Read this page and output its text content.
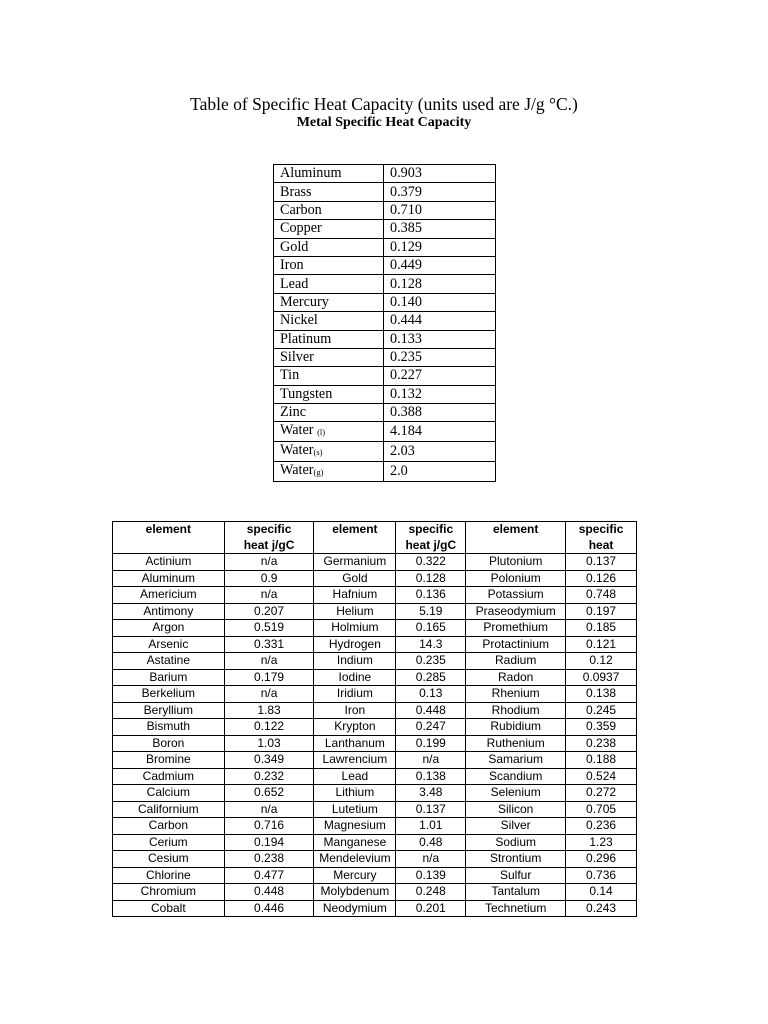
Table of Specific Heat Capacity (units used are J/g °C.)
Metal Specific Heat Capacity
Aluminum	0.903
Brass	0.379
Carbon	0.710
Copper	0.385
Gold	0.129
Iron	0.449
Lead	0.128
Mercury	0.140
Nickel	0.444
Platinum	0.133
Silver	0.235
Tin	0.227
Tungsten	0.132
Zinc	0.388
Water (l)	4.184
Water(s)	2.03
Water(g)	2.0
element	specific	element	specific	element	specific
	heat j/gC		heat j/gC		heat
Actinium	n/a	Germanium	0.322	Plutonium	0.137
Aluminum	0.9	Gold	0.128	Polonium	0.126
Americium	n/a	Hafnium	0.136	Potassium	0.748
Antimony	0.207	Helium	5.19	Praseodymium	0.197
Argon	0.519	Holmium	0.165	Promethium	0.185
Arsenic	0.331	Hydrogen	14.3	Protactinium	0.121
Astatine	n/a	Indium	0.235	Radium	0.12
Barium	0.179	Iodine	0.285	Radon	0.0937
Berkelium	n/a	Iridium	0.13	Rhenium	0.138
Beryllium	1.83	Iron	0.448	Rhodium	0.245
Bismuth	0.122	Krypton	0.247	Rubidium	0.359
Boron	1.03	Lanthanum	0.199	Ruthenium	0.238
Bromine	0.349	Lawrencium	n/a	Samarium	0.188
Cadmium	0.232	Lead	0.138	Scandium	0.524
Calcium	0.652	Lithium	3.48	Selenium	0.272
Californium	n/a	Lutetium	0.137	Silicon	0.705
Carbon	0.716	Magnesium	1.01	Silver	0.236
Cerium	0.194	Manganese	0.48	Sodium	1.23
Cesium	0.238	Mendelevium	n/a	Strontium	0.296
Chlorine	0.477	Mercury	0.139	Sulfur	0.736
Chromium	0.448	Molybdenum	0.248	Tantalum	0.14
Cobalt	0.446	Neodymium	0.201	Technetium	0.243
